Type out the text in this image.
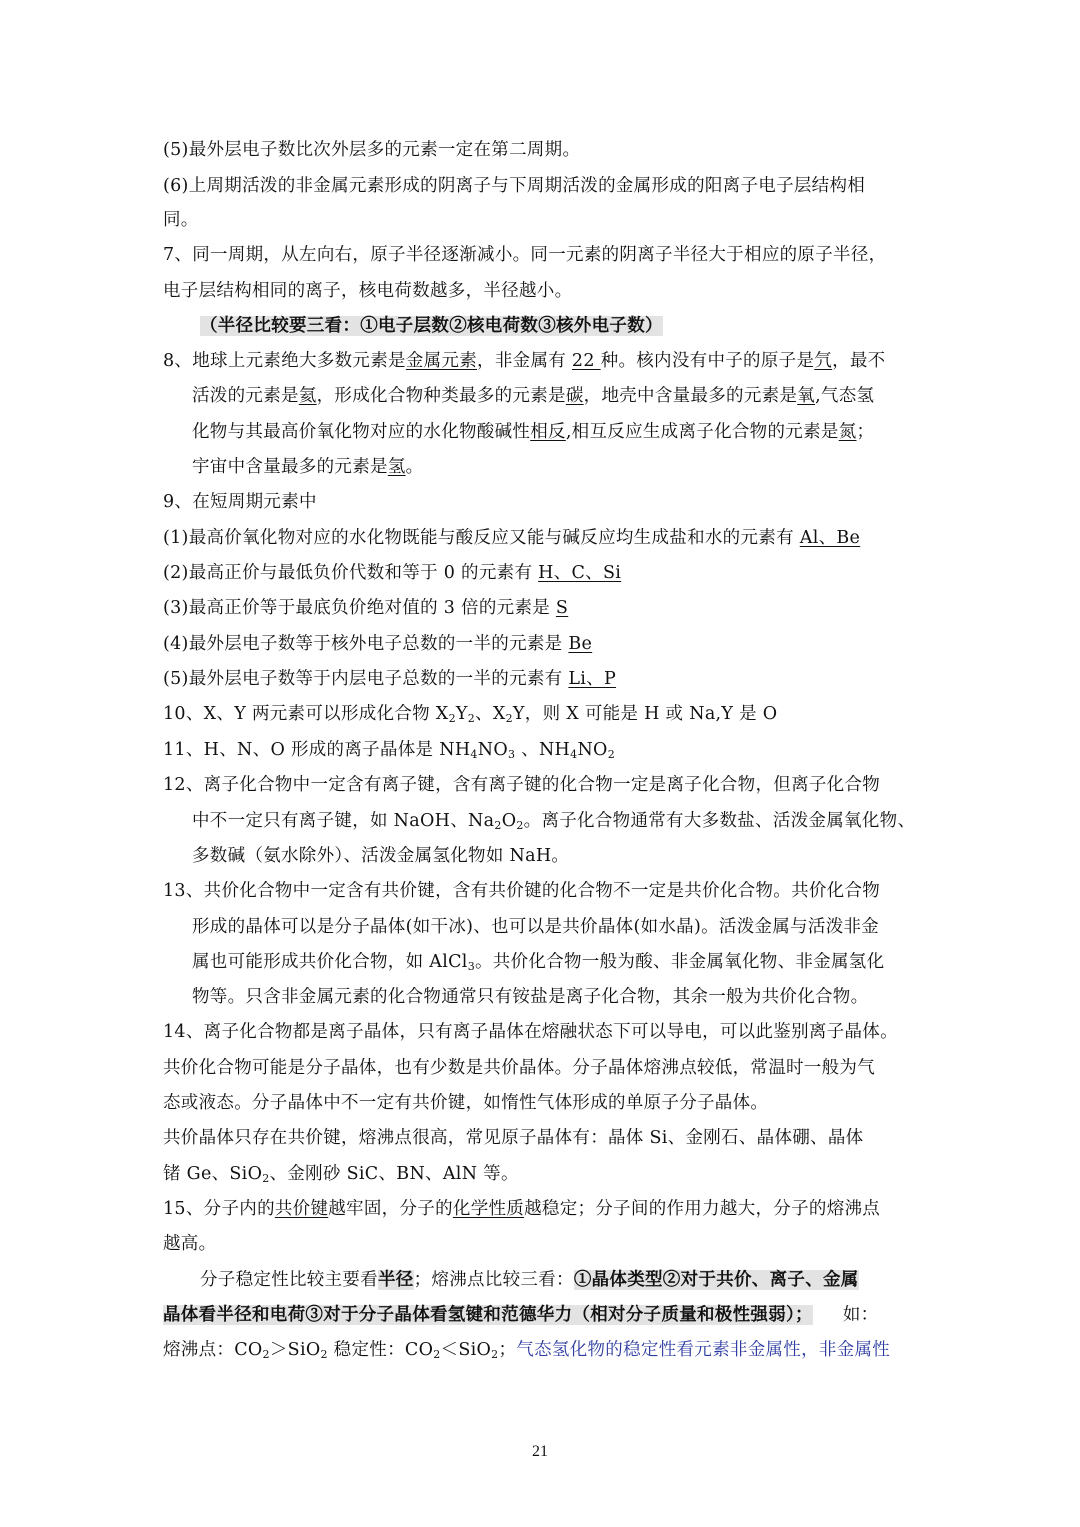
(5)最外层电子数比次外层多的元素一定在第二周期。
(6)上周期活泼的非金属元素形成的阴离子与下周期活泼的金属形成的阳离子电子层结构相
同。
7、同一周期，从左向右，原子半径逐渐减小。同一元素的阴离子半径大于相应的原子半径，
电子层结构相同的离子，核电荷数越多，半径越小。
（半径比较要三看：①电子层数②核电荷数③核外电子数）
8、地球上元素绝大多数元素是金属元素，非金属有 22 种。核内没有中子的原子是氕，最不
活泼的元素是氦，形成化合物种类最多的元素是碳，地壳中含量最多的元素是氧,气态氢
化物与其最高价氧化物对应的水化物酸碱性相反,相互反应生成离子化合物的元素是氮；
宇宙中含量最多的元素是氢。
9、在短周期元素中
(1)最高价氧化物对应的水化物既能与酸反应又能与碱反应均生成盐和水的元素有 Al、Be
(2)最高正价与最低负价代数和等于 0 的元素有 H、C、Si
(3)最高正价等于最底负价绝对值的 3 倍的元素是 S
(4)最外层电子数等于核外电子总数的一半的元素是 Be
(5)最外层电子数等于内层电子总数的一半的元素有 Li、P
10、X、Y 两元素可以形成化合物 $X_2Y_2$、$X_2Y$，则 X 可能是 H 或 Na,Y 是 O
11、H、N、O 形成的离子晶体是 $NH_4NO_3$ 、$NH_4NO_2$
12、离子化合物中一定含有离子键，含有离子键的化合物一定是离子化合物，但离子化合物
中不一定只有离子键，如 NaOH、$Na_2O_2$。离子化合物通常有大多数盐、活泼金属氧化物、
多数碱（氨水除外）、活泼金属氢化物如 NaH。
13、共价化合物中一定含有共价键，含有共价键的化合物不一定是共价化合物。共价化合物
形成的晶体可以是分子晶体(如干冰)、也可以是共价晶体(如水晶)。活泼金属与活泼非金
属也可能形成共价化合物，如 AlCl$_3$。共价化合物一般为酸、非金属氧化物、非金属氢化
物等。只含非金属元素的化合物通常只有铵盐是离子化合物，其余一般为共价化合物。
14、离子化合物都是离子晶体，只有离子晶体在熔融状态下可以导电，可以此鉴别离子晶体。
共价化合物可能是分子晶体，也有少数是共价晶体。分子晶体熔沸点较低，常温时一般为气
态或液态。分子晶体中不一定有共价键，如惰性气体形成的单原子分子晶体。
共价晶体只存在共价键，熔沸点很高，常见原子晶体有：晶体 Si、金刚石、晶体硼、晶体
锗 Ge、SiO$_2$、金刚砂 SiC、BN、AlN 等。
15、分子内的共价键越牢固，分子的化学性质越稳定；分子间的作用力越大，分子的熔沸点
越高。
分子稳定性比较主要看半径；熔沸点比较三看：①晶体类型②对于共价、离子、金属
晶体看半径和电荷③对于分子晶体看氢键和范德华力（相对分子质量和极性强弱）； 如：
熔沸点：$CO_2>SiO_2$ 稳定性：$CO_2<SiO_2$；气态氢化物的稳定性看元素非金属性，非金属性
21
